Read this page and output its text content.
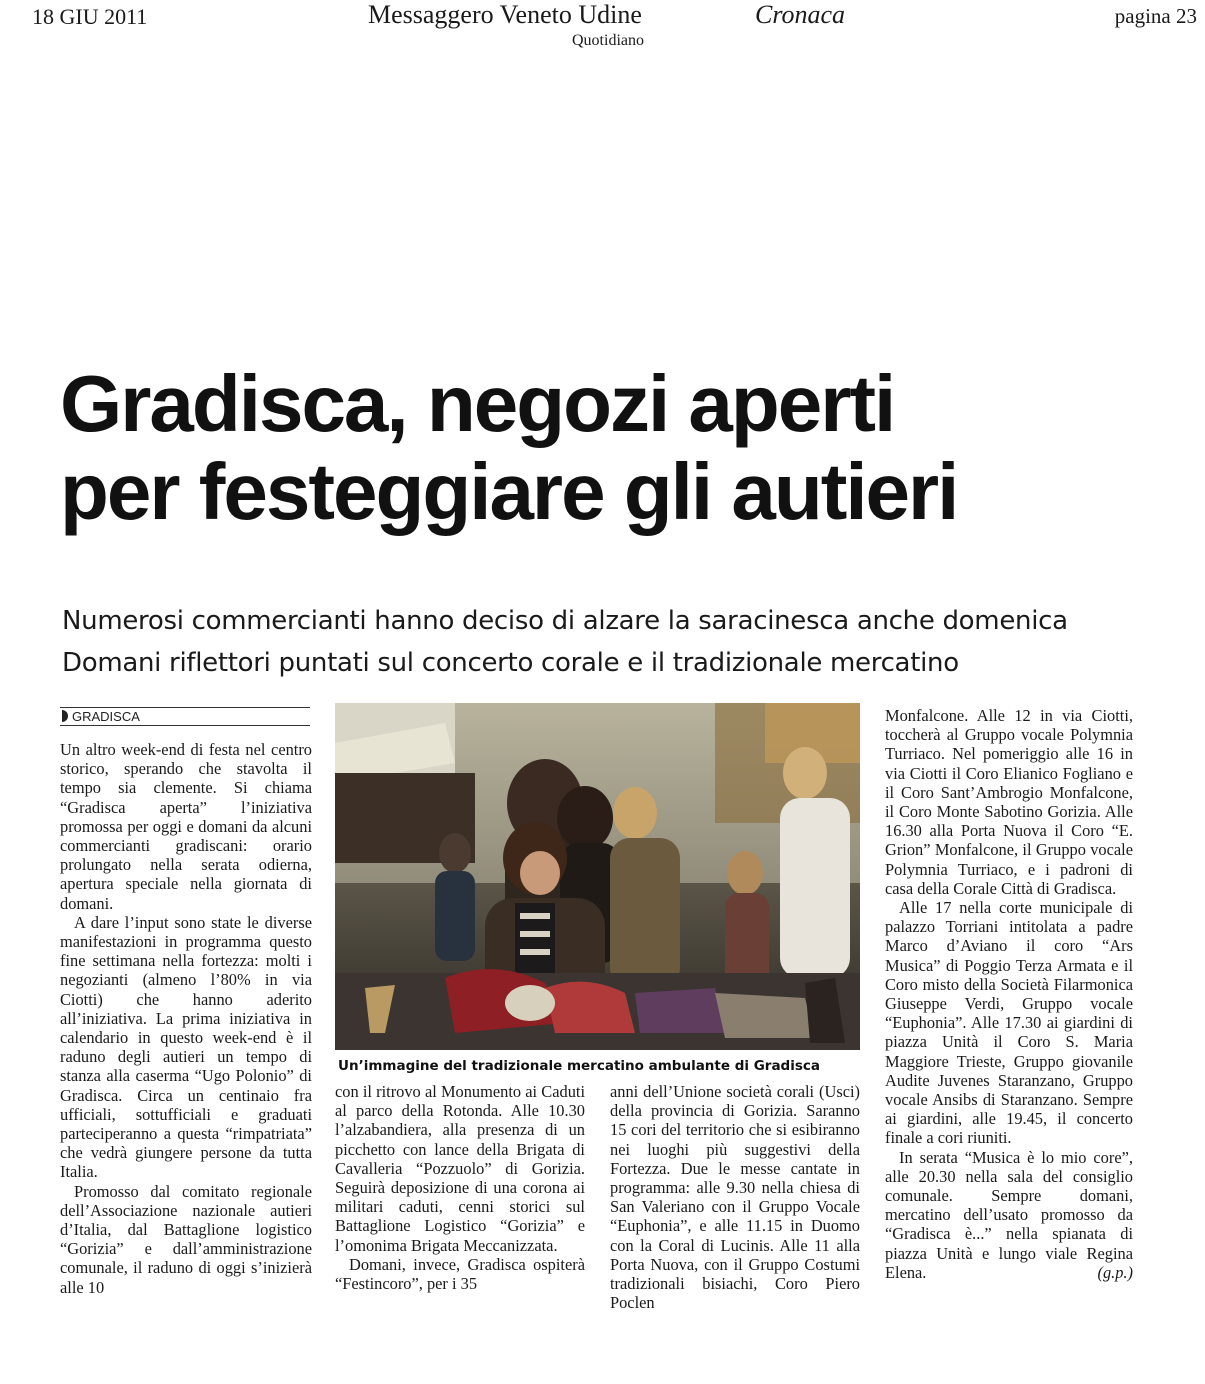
18 GIU 2011	Messaggero Veneto Udine	Cronaca
Quotidiano
pagina 23
Gradisca, negozi aperti
per festeggiare gli autieri
Numerosi commercianti hanno deciso di alzare la saracinesca anche domenica
Domani riflettori puntati sul concerto corale e il tradizionale mercatino
GRADISCA

Un altro week-end di festa nel centro storico, sperando che stavolta il tempo sia clemente. Si chiama “Gradisca aperta” l’iniziativa promossa per oggi e domani da alcuni commercianti gradiscani: orario prolungato nella serata odierna, apertura speciale nella giornata di domani.

A dare l’input sono state le diverse manifestazioni in programma questo fine settimana nella fortezza: molti i negozianti (almeno l’80% in via Ciotti) che hanno aderito all’iniziativa. La prima iniziativa in calendario in questo week-end è il raduno degli autieri un tempo di stanza alla caserma “Ugo Polonio” di Gradisca. Circa un centinaio fra ufficiali, sottufficiali e graduati parteciperanno a questa “rimpatriata” che vedrà giungere persone da tutta Italia.

Promosso dal comitato regionale dell’Associazione nazionale autieri d’Italia, dal Battaglione logistico “Gorizia” e dall’amministrazione comunale, il raduno di oggi s’inizierà alle 10

Un’immagine del tradizionale mercatino ambulante di Gradisca

con il ritrovo al Monumento ai Caduti al parco della Rotonda. Alle 10.30 l’alzabandiera, alla presenza di un picchetto con lance della Brigata di Cavalleria “Pozzuolo” di Gorizia. Seguirà deposizione di una corona ai militari caduti, cenni storici sul Battaglione Logistico “Gorizia” e l’omonima Brigata Meccanizzata.

Domani, invece, Gradisca ospiterà “Festincoro”, per i 35

anni dell’Unione società corali (Usci) della provincia di Gorizia. Saranno 15 cori del territorio che si esibiranno nei luoghi più suggestivi della Fortezza. Due le messe cantate in programma: alle 9.30 nella chiesa di San Valeriano con il Gruppo Vocale “Euphonia”, e alle 11.15 in Duomo con la Coral di Lucinis. Alle 11 alla Porta Nuova, con il Gruppo Costumi tradizionali bisiachi, Coro Piero Poclen

Monfalcone. Alle 12 in via Ciotti, toccherà al Gruppo vocale Polymnia Turriaco. Nel pomeriggio alle 16 in via Ciotti il Coro Elianico Fogliano e il Coro Sant’Ambrogio Monfalcone, il Coro Monte Sabotino Gorizia. Alle 16.30 alla Porta Nuova il Coro “E. Grion” Monfalcone, il Gruppo vocale Polymnia Turriaco, e i padroni di casa della Corale Città di Gradisca.

Alle 17 nella corte municipale di palazzo Torriani intitolata a padre Marco d’Aviano il coro “Ars Musica” di Poggio Terza Armata e il Coro misto della Società Filarmonica Giuseppe Verdi, Gruppo vocale “Euphonia”. Alle 17.30 ai giardini di piazza Unità il Coro S. Maria Maggiore Trieste, Gruppo giovanile Audite Juvenes Staranzano, Gruppo vocale Ansibs di Staranzano. Sempre ai giardini, alle 19.45, il concerto finale a cori riuniti.

In serata “Musica è lo mio core”, alle 20.30 nella sala del consiglio comunale. Sempre domani, mercatino dell’usato promosso da “Gradisca è...” nella spianata di piazza Unità e lungo viale Regina Elena.	(g.p.)
